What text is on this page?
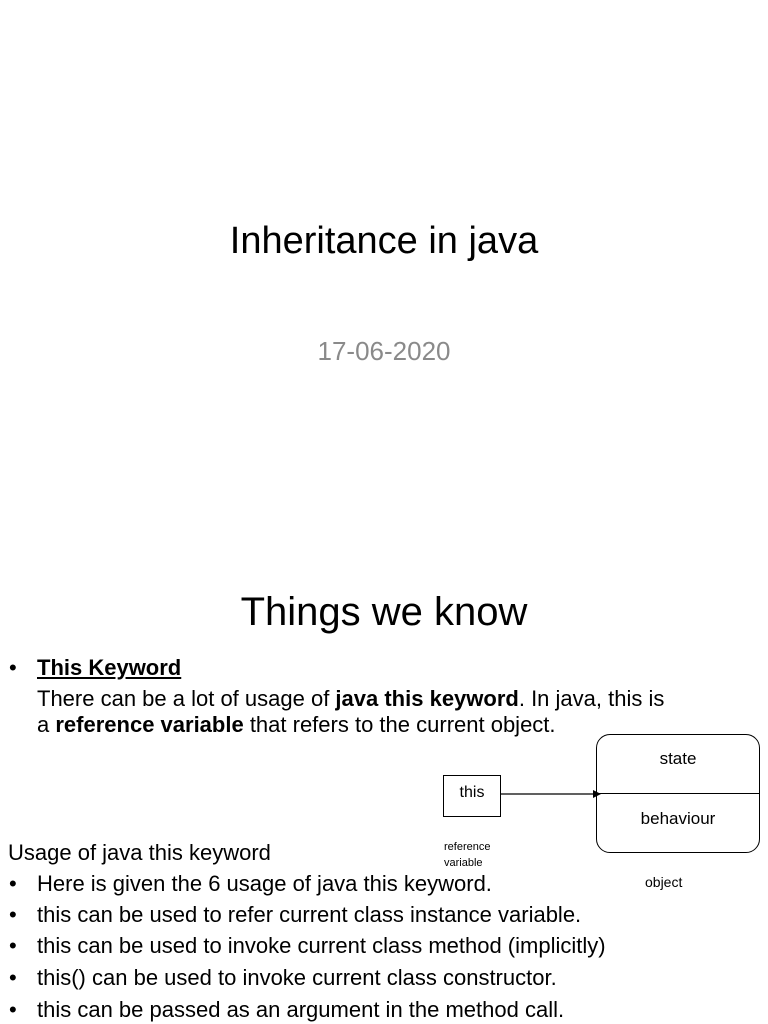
Inheritance in java
17-06-2020
Things we know
• This Keyword
There can be a lot of usage of java this keyword. In java, this is
a reference variable that refers to the current object.
this
state
behaviour
reference
variable
object
Usage of java this keyword
• Here is given the 6 usage of java this keyword.
• this can be used to refer current class instance variable.
• this can be used to invoke current class method (implicitly)
• this() can be used to invoke current class constructor.
• this can be passed as an argument in the method call.
